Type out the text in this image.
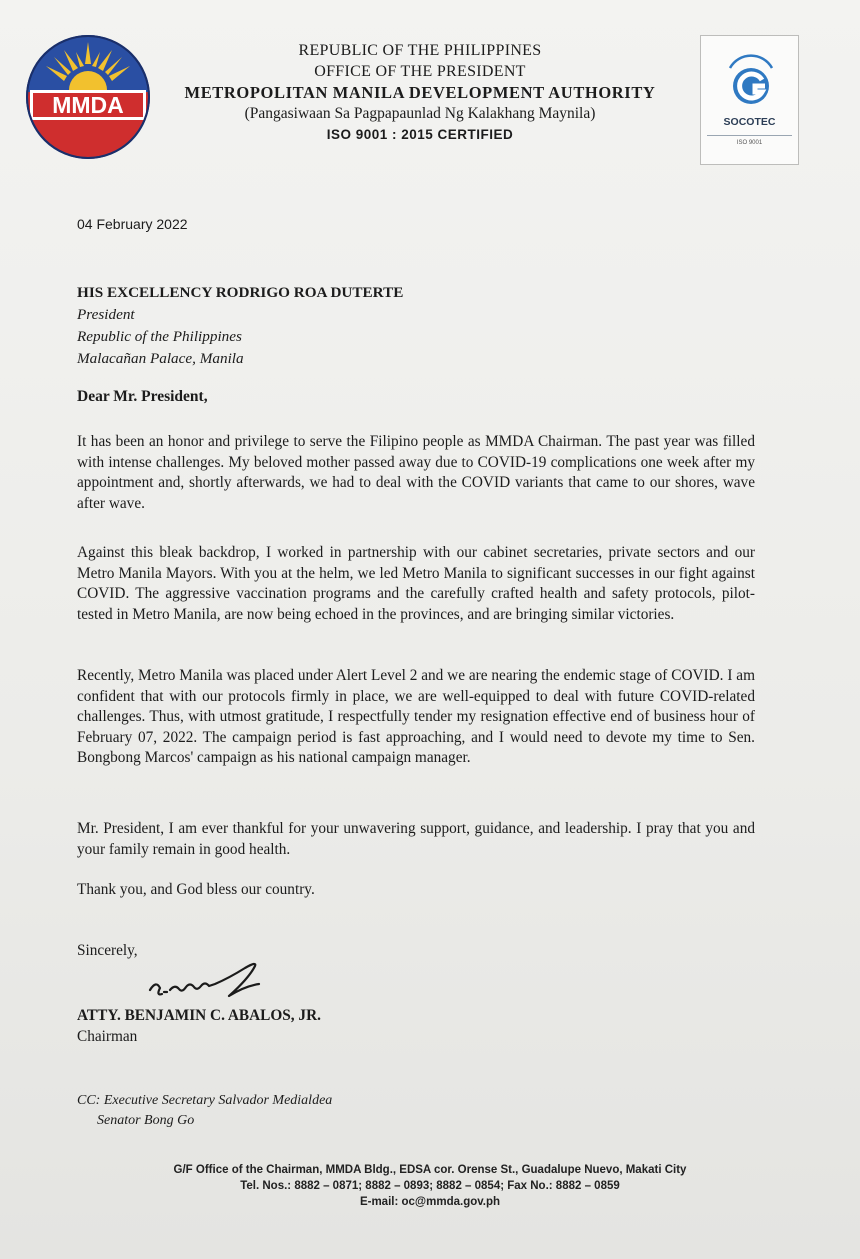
MMDA
REPUBLIC OF THE PHILIPPINES
OFFICE OF THE PRESIDENT
METROPOLITAN MANILA DEVELOPMENT AUTHORITY
(Pangasiwaan Sa Pagpapaunlad Ng Kalakhang Maynila)
ISO 9001 : 2015 CERTIFIED
SOCOTEC
ISO 9001
04 February 2022
HIS EXCELLENCY RODRIGO ROA DUTERTE
President
Republic of the Philippines
Malacañan Palace, Manila
Dear Mr. President,
It has been an honor and privilege to serve the Filipino people as MMDA Chairman. The past year was filled with intense challenges. My beloved mother passed away due to COVID-19 complications one week after my appointment and, shortly afterwards, we had to deal with the COVID variants that came to our shores, wave after wave.
Against this bleak backdrop, I worked in partnership with our cabinet secretaries, private sectors and our Metro Manila Mayors. With you at the helm, we led Metro Manila to significant successes in our fight against COVID. The aggressive vaccination programs and the carefully crafted health and safety protocols, pilot-tested in Metro Manila, are now being echoed in the provinces, and are bringing similar victories.
Recently, Metro Manila was placed under Alert Level 2 and we are nearing the endemic stage of COVID. I am confident that with our protocols firmly in place, we are well-equipped to deal with future COVID-related challenges. Thus, with utmost gratitude, I respectfully tender my resignation effective end of business hour of February 07, 2022. The campaign period is fast approaching, and I would need to devote my time to Sen. Bongbong Marcos' campaign as his national campaign manager.
Mr. President, I am ever thankful for your unwavering support, guidance, and leadership. I pray that you and your family remain in good health.
Thank you, and God bless our country.
Sincerely,
ATTY. BENJAMIN C. ABALOS, JR.
Chairman
CC: Executive Secretary Salvador Medialdea
Senator Bong Go
G/F Office of the Chairman, MMDA Bldg., EDSA cor. Orense St., Guadalupe Nuevo, Makati City
Tel. Nos.: 8882 – 0871; 8882 – 0893; 8882 – 0854; Fax No.: 8882 – 0859
E-mail: oc@mmda.gov.ph
